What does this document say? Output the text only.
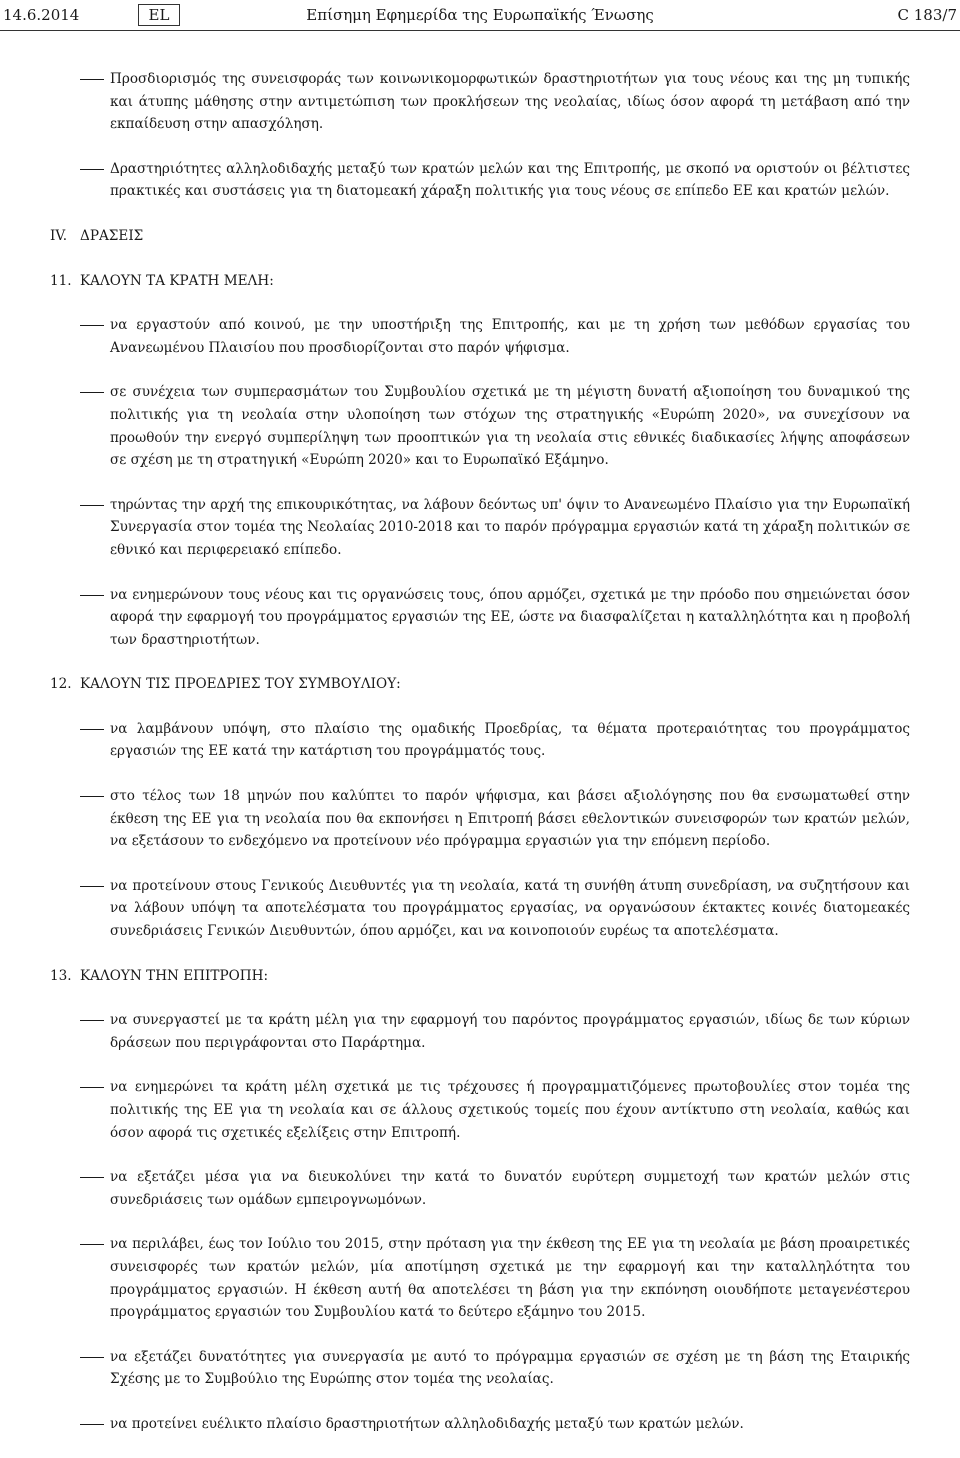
14.6.2014	EL	Επίσημη Εφημερίδα της Ευρωπαϊκής Ένωσης	C 183/7
Προσδιορισμός της συνεισφοράς των κοινωνικομορφωτικών δραστηριοτήτων για τους νέους και της μη τυπικής και άτυπης μάθησης στην αντιμετώπιση των προκλήσεων της νεολαίας, ιδίως όσον αφορά τη μετάβαση από την εκπαίδευση στην απασχόληση.
Δραστηριότητες αλληλοδιδαχής μεταξύ των κρατών μελών και της Επιτροπής, με σκοπό να οριστούν οι βέλτιστες πρακτικές και συστάσεις για τη διατομεακή χάραξη πολιτικής για τους νέους σε επίπεδο ΕΕ και κρατών μελών.
IV. ΔΡΑΣΕΙΣ
11. ΚΑΛΟΥΝ ΤΑ ΚΡΑΤΗ ΜΕΛΗ:
να εργαστούν από κοινού, με την υποστήριξη της Επιτροπής, και με τη χρήση των μεθόδων εργασίας του Ανανεωμένου Πλαισίου που προσδιορίζονται στο παρόν ψήφισμα.
σε συνέχεια των συμπερασμάτων του Συμβουλίου σχετικά με τη μέγιστη δυνατή αξιοποίηση του δυναμικού της πολιτικής για τη νεολαία στην υλοποίηση των στόχων της στρατηγικής «Ευρώπη 2020», να συνεχίσουν να προωθούν την ενεργό συμπερίληψη των προοπτικών για τη νεολαία στις εθνικές διαδικασίες λήψης αποφάσεων σε σχέση με τη στρατηγική «Ευρώπη 2020» και το Ευρωπαϊκό Εξάμηνο.
τηρώντας την αρχή της επικουρικότητας, να λάβουν δεόντως υπ' όψιν το Ανανεωμένο Πλαίσιο για την Ευρωπαϊκή Συνεργασία στον τομέα της Νεολαίας 2010-2018 και το παρόν πρόγραμμα εργασιών κατά τη χάραξη πολιτικών σε εθνικό και περιφερειακό επίπεδο.
να ενημερώνουν τους νέους και τις οργανώσεις τους, όπου αρμόζει, σχετικά με την πρόοδο που σημειώνεται όσον αφορά την εφαρμογή του προγράμματος εργασιών της ΕΕ, ώστε να διασφαλίζεται η καταλληλότητα και η προβολή των δραστηριοτήτων.
12. ΚΑΛΟΥΝ ΤΙΣ ΠΡΟΕΔΡΙΕΣ ΤΟΥ ΣΥΜΒΟΥΛΙΟΥ:
να λαμβάνουν υπόψη, στο πλαίσιο της ομαδικής Προεδρίας, τα θέματα προτεραιότητας του προγράμματος εργασιών της ΕΕ κατά την κατάρτιση του προγράμματός τους.
στο τέλος των 18 μηνών που καλύπτει το παρόν ψήφισμα, και βάσει αξιολόγησης που θα ενσωματωθεί στην έκθεση της ΕΕ για τη νεολαία που θα εκπονήσει η Επιτροπή βάσει εθελοντικών συνεισφορών των κρατών μελών, να εξετάσουν το ενδεχόμενο να προτείνουν νέο πρόγραμμα εργασιών για την επόμενη περίοδο.
να προτείνουν στους Γενικούς Διευθυντές για τη νεολαία, κατά τη συνήθη άτυπη συνεδρίαση, να συζητήσουν και να λάβουν υπόψη τα αποτελέσματα του προγράμματος εργασίας, να οργανώσουν έκτακτες κοινές διατομεακές συνεδριάσεις Γενικών Διευθυντών, όπου αρμόζει, και να κοινοποιούν ευρέως τα αποτελέσματα.
13. ΚΑΛΟΥΝ ΤΗΝ ΕΠΙΤΡΟΠΗ:
να συνεργαστεί με τα κράτη μέλη για την εφαρμογή του παρόντος προγράμματος εργασιών, ιδίως δε των κύριων δράσεων που περιγράφονται στο Παράρτημα.
να ενημερώνει τα κράτη μέλη σχετικά με τις τρέχουσες ή προγραμματιζόμενες πρωτοβουλίες στον τομέα της πολιτικής της ΕΕ για τη νεολαία και σε άλλους σχετικούς τομείς που έχουν αντίκτυπο στη νεολαία, καθώς και όσον αφορά τις σχετικές εξελίξεις στην Επιτροπή.
να εξετάζει μέσα για να διευκολύνει την κατά το δυνατόν ευρύτερη συμμετοχή των κρατών μελών στις συνεδριάσεις των ομάδων εμπειρογνωμόνων.
να περιλάβει, έως τον Ιούλιο του 2015, στην πρόταση για την έκθεση της ΕΕ για τη νεολαία με βάση προαιρετικές συνεισφορές των κρατών μελών, μία αποτίμηση σχετικά με την εφαρμογή και την καταλληλότητα του προγράμματος εργασιών. Η έκθεση αυτή θα αποτελέσει τη βάση για την εκπόνηση οιουδήποτε μεταγενέστερου προγράμματος εργασιών του Συμβουλίου κατά το δεύτερο εξάμηνο του 2015.
να εξετάζει δυνατότητες για συνεργασία με αυτό το πρόγραμμα εργασιών σε σχέση με τη βάση της Εταιρικής Σχέσης με το Συμβούλιο της Ευρώπης στον τομέα της νεολαίας.
να προτείνει ευέλικτο πλαίσιο δραστηριοτήτων αλληλοδιδαχής μεταξύ των κρατών μελών.
